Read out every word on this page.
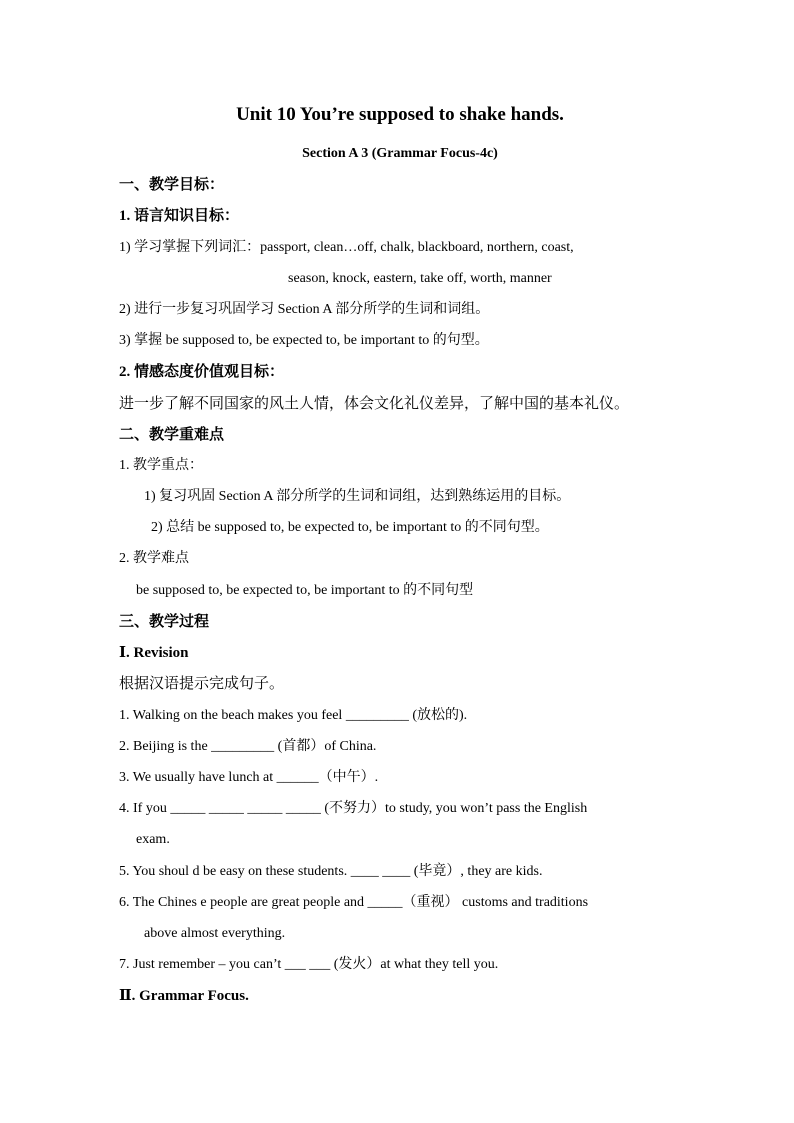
Unit 10 You’re supposed to shake hands.
Section A 3 (Grammar Focus-4c)
一、教学目标：
1. 语言知识目标：
1) 学习掌握下列词汇：passport, clean…off, chalk, blackboard, northern, coast,
season, knock, eastern, take off, worth, manner
2) 进行一步复习巩固学习 Section A 部分所学的生词和词组。
3) 掌握 be supposed to, be expected to, be important to 的句型。
2. 情感态度价值观目标：
进一步了解不同国家的风土人情，体会文化礼仪差异，了解中国的基本礼仪。
二、教学重难点
1. 教学重点：
1) 复习巩固 Section A 部分所学的生词和词组，达到熟练运用的目标。
2) 总结 be supposed to, be expected to, be important to 的不同句型。
2. 教学难点
be supposed to, be expected to, be important to 的不同句型
三、教学过程
Ⅰ. Revision
根据汉语提示完成句子。
1. Walking on the beach makes you feel _________ (放松的).
2. Beijing is the _________ (首都）of China.
3. We usually have lunch at ______（中午）.
4. If you _____ _____ _____ _____ (不努力）to study, you won’t pass the English
exam.
5. You shoul d be easy on these students. ____ ____ (毕竟）, they are kids.
6. The Chines e people are great people and _____（重视） customs and traditions
above almost everything.
7. Just remember – you can’t ___ ___ (发火）at what they tell you.
Ⅱ. Grammar Focus.
